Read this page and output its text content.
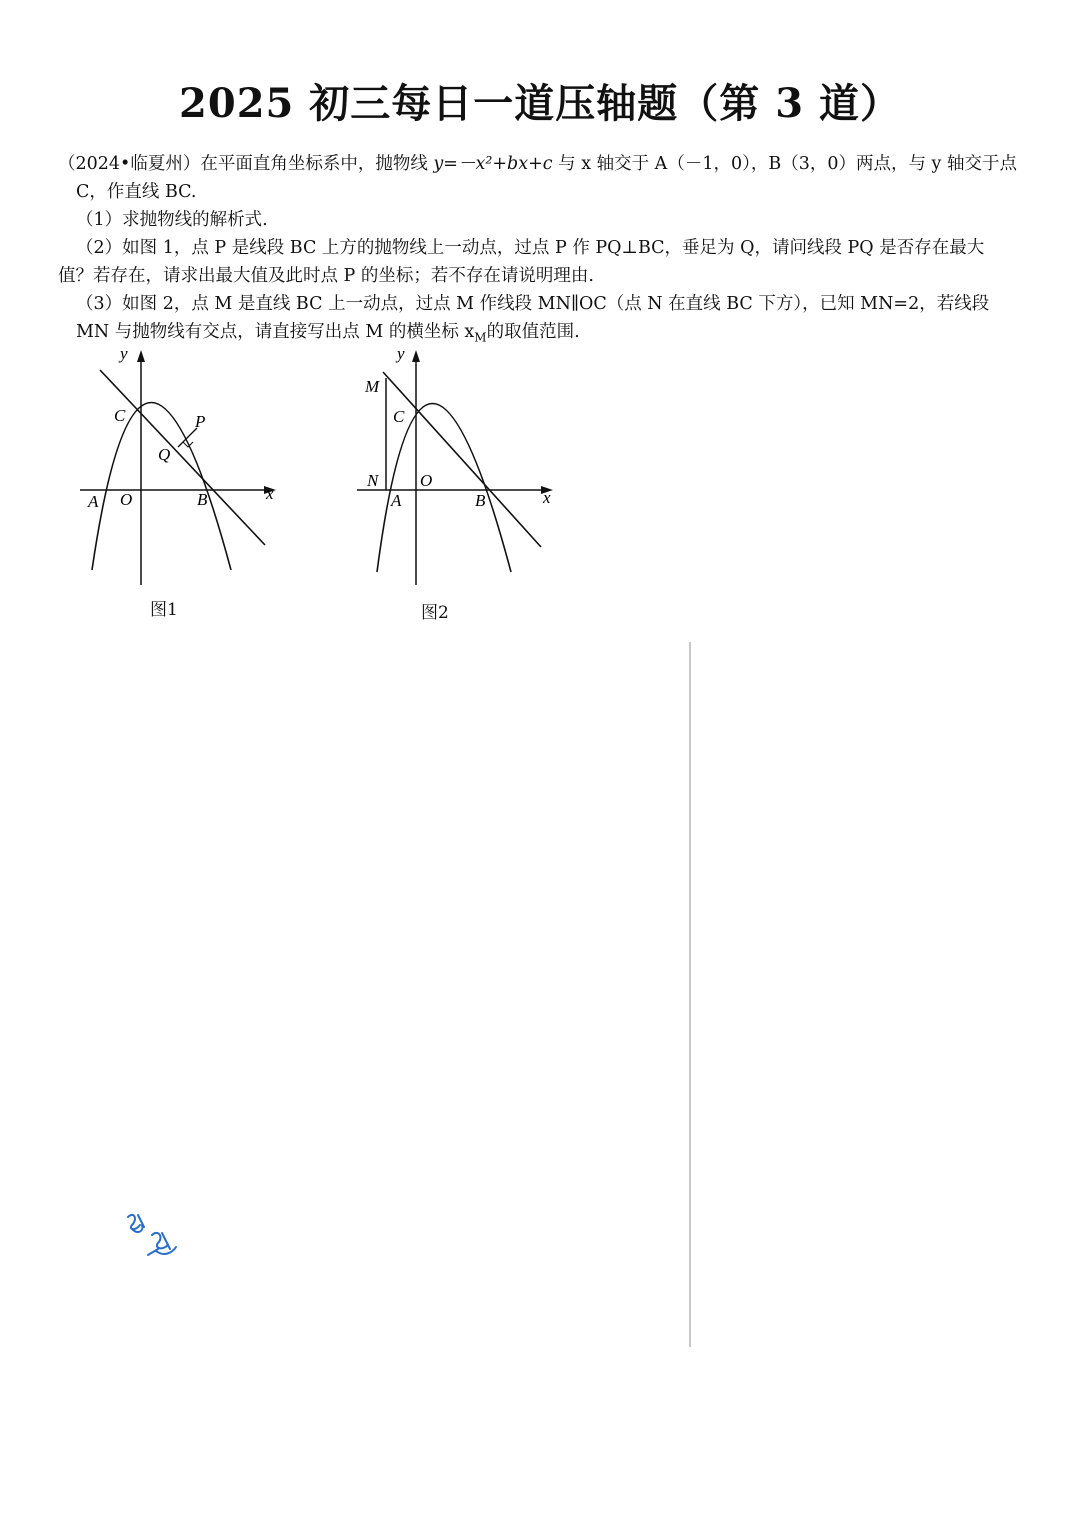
2025 初三每日一道压轴题（第 3 道）

（2024•临夏州）在平面直角坐标系中，抛物线 y=－x²+bx+c 与 x 轴交于 A（－1，0），B（3，0）两点，与 y 轴交于点

C，作直线 BC.

（1）求抛物线的解析式.

（2）如图 1，点 P 是线段 BC 上方的抛物线上一动点，过点 P 作 PQ⊥BC，垂足为 Q，请问线段 PQ 是否存在最大

值？若存在，请求出最大值及此时点 P 的坐标；若不存在请说明理由.

（3）如图 2，点 M 是直线 BC 上一动点，过点 M 作线段 MN∥OC（点 N 在直线 BC 下方），已知 MN=2，若线段

MN 与抛物线有交点，请直接写出点 M 的横坐标 $x_M$的取值范围.

y
x
C	P
Q
A O	B
图1
y
x
M
C
N O
A	B
图2
